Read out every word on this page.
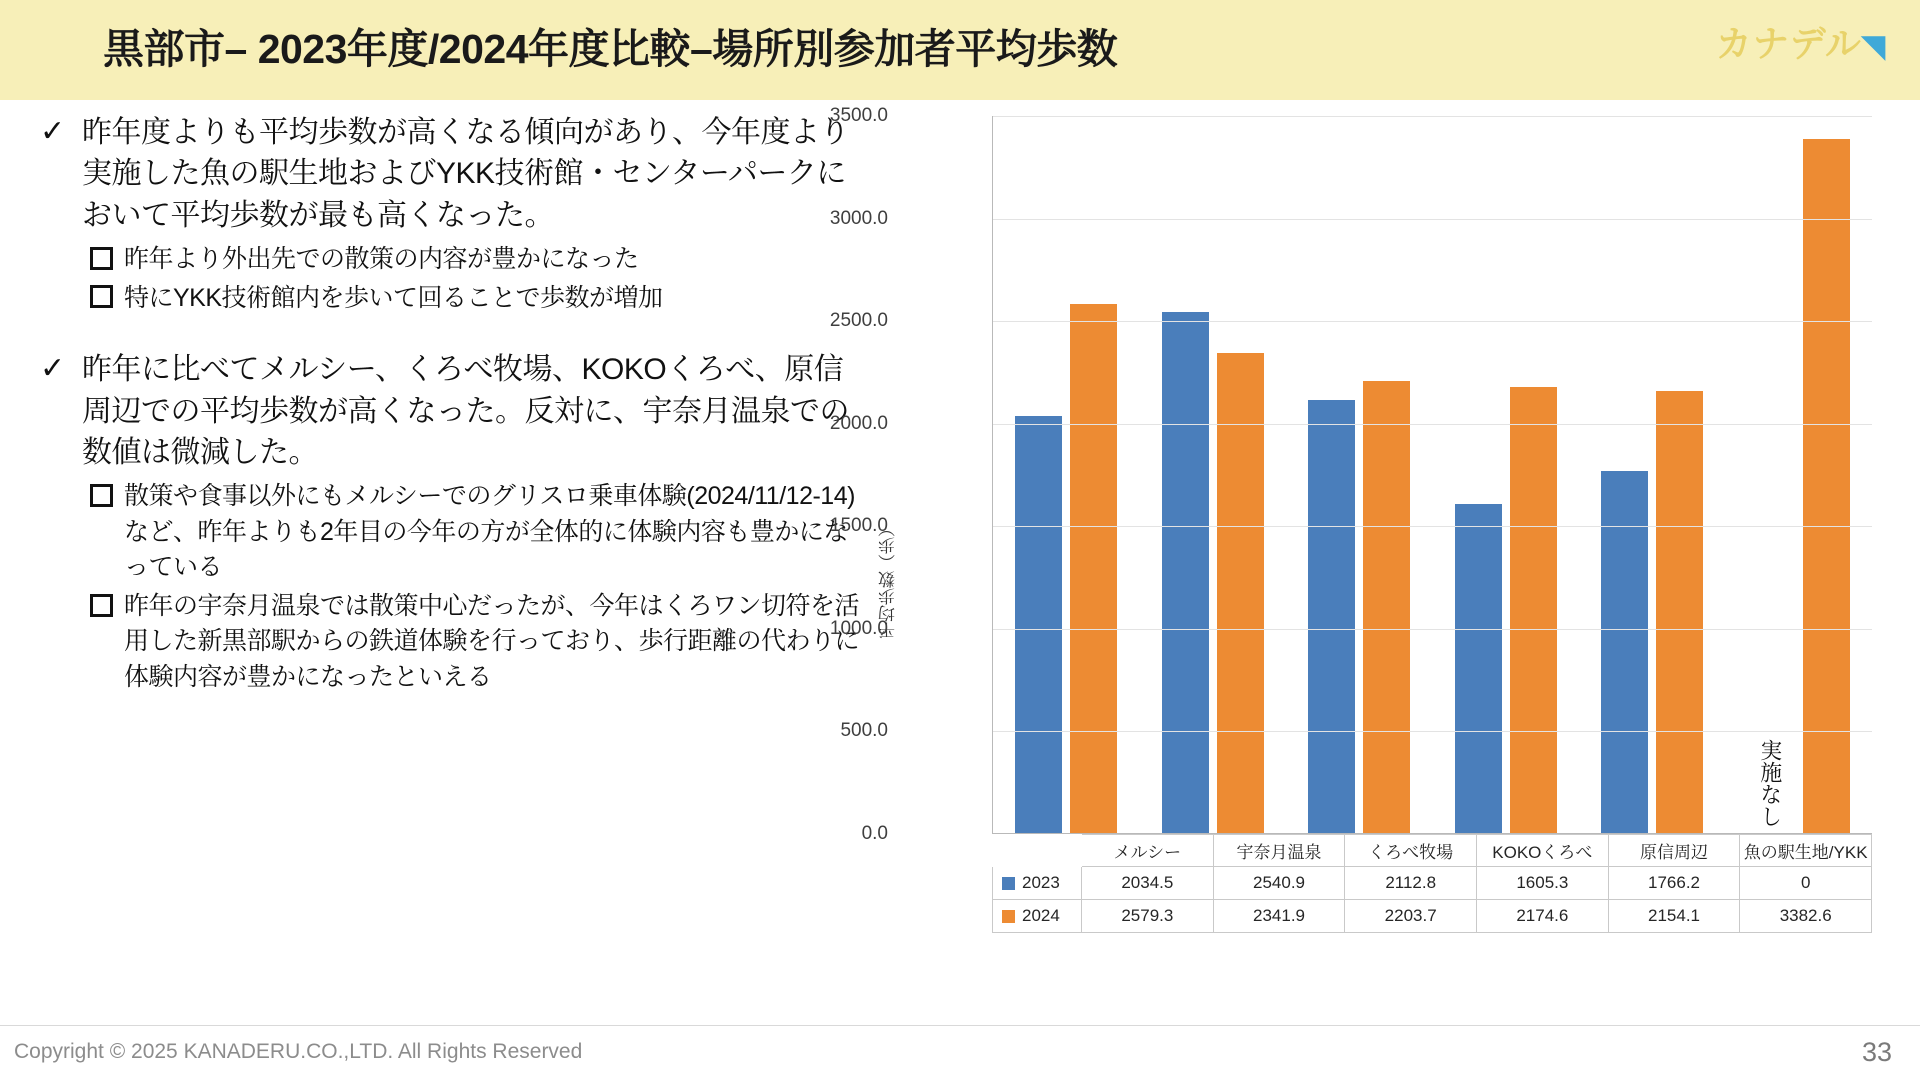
黒部市– 2023年度/2024年度比較–場所別参加者平均歩数	カナデル◥
✓ 昨年度よりも平均歩数が高くなる傾向があり、今年度より実施した魚の駅生地およびYKK技術館・センターパークにおいて平均歩数が最も高くなった。
昨年より外出先での散策の内容が豊かになった
特にYKK技術館内を歩いて回ることで歩数が増加
✓ 昨年に比べてメルシー、くろべ牧場、KOKOくろべ、原信周辺での平均歩数が高くなった。反対に、宇奈月温泉での数値は微減した。
散策や食事以外にもメルシーでのグリスロ乗車体験(2024/11/12-14)など、昨年よりも2年目の今年の方が全体的に体験内容も豊かになっている
昨年の宇奈月温泉では散策中心だったが、今年はくろワン切符を活用した新黒部駅からの鉄道体験を行っており、歩行距離の代わりに体験内容が豊かになったといえる
平均歩数（歩）
実施なし
0.0
500.0
1000.0
1500.0
2000.0
2500.0
3000.0
3500.0
メルシー	宇奈月温泉	くろべ牧場	KOKOくろべ	原信周辺	魚の駅生地/YKK
2023	2034.5	2540.9	2112.8	1605.3	1766.2	0
2024	2579.3	2341.9	2203.7	2174.6	2154.1	3382.6
Copyright © 2025 KANADERU.CO.,LTD. All Rights Reserved	33
